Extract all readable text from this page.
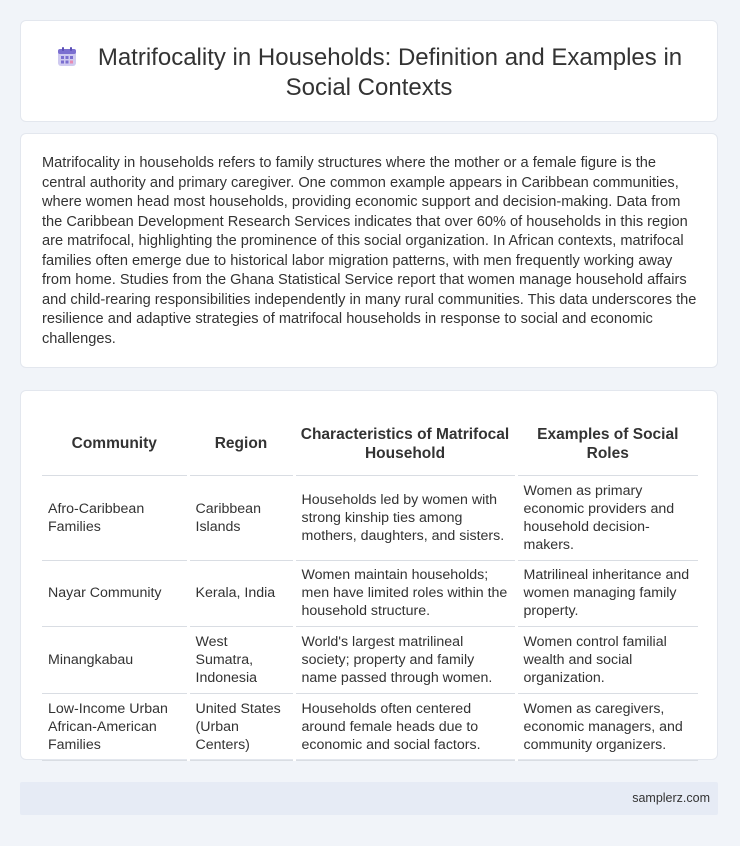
Matrifocality in Households: Definition and Examples in Social Contexts
Matrifocality in households refers to family structures where the mother or a female figure is the central authority and primary caregiver. One common example appears in Caribbean communities, where women head most households, providing economic support and decision-making. Data from the Caribbean Development Research Services indicates that over 60% of households in this region are matrifocal, highlighting the prominence of this social organization. In African contexts, matrifocal families often emerge due to historical labor migration patterns, with men frequently working away from home. Studies from the Ghana Statistical Service report that women manage household affairs and child-rearing responsibilities independently in many rural communities. This data underscores the resilience and adaptive strategies of matrifocal households in response to social and economic challenges.
Community	Region	Characteristics of Matrifocal Household	Examples of Social Roles
Afro-Caribbean Families	Caribbean Islands	Households led by women with strong kinship ties among mothers, daughters, and sisters.	Women as primary economic providers and household decision-makers.
Nayar Community	Kerala, India	Women maintain households; men have limited roles within the household structure.	Matrilineal inheritance and women managing family property.
Minangkabau	West Sumatra, Indonesia	World's largest matrilineal society; property and family name passed through women.	Women control familial wealth and social organization.
Low-Income Urban African-American Families	United States (Urban Centers)	Households often centered around female heads due to economic and social factors.	Women as caregivers, economic managers, and community organizers.
samplerz.com
